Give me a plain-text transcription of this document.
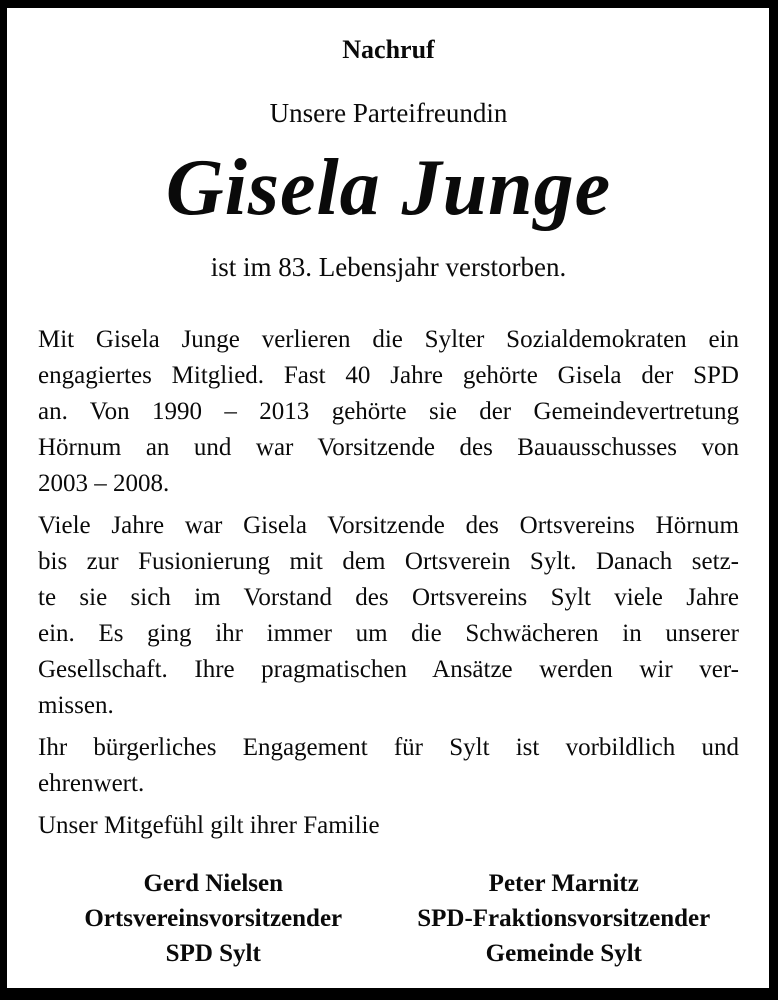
Nachruf
Unsere Parteifreundin
Gisela Junge
ist im 83. Lebensjahr verstorben.
Mit Gisela Junge verlieren die Sylter Sozialdemokraten ein
engagiertes Mitglied. Fast 40 Jahre gehörte Gisela der SPD
an. Von 1990 – 2013 gehörte sie der Gemeindevertretung
Hörnum an und war Vorsitzende des Bauausschusses von
2003 – 2008.
Viele Jahre war Gisela Vorsitzende des Ortsvereins Hörnum
bis zur Fusionierung mit dem Ortsverein Sylt. Danach setz-
te sie sich im Vorstand des Ortsvereins Sylt viele Jahre
ein. Es ging ihr immer um die Schwächeren in unserer
Gesellschaft. Ihre pragmatischen Ansätze werden wir ver-
missen.
Ihr bürgerliches Engagement für Sylt ist vorbildlich und
ehrenwert.
Unser Mitgefühl gilt ihrer Familie
Gerd Nielsen
Ortsvereinsvorsitzender
SPD Sylt
Peter Marnitz
SPD-Fraktionsvorsitzender
Gemeinde Sylt
